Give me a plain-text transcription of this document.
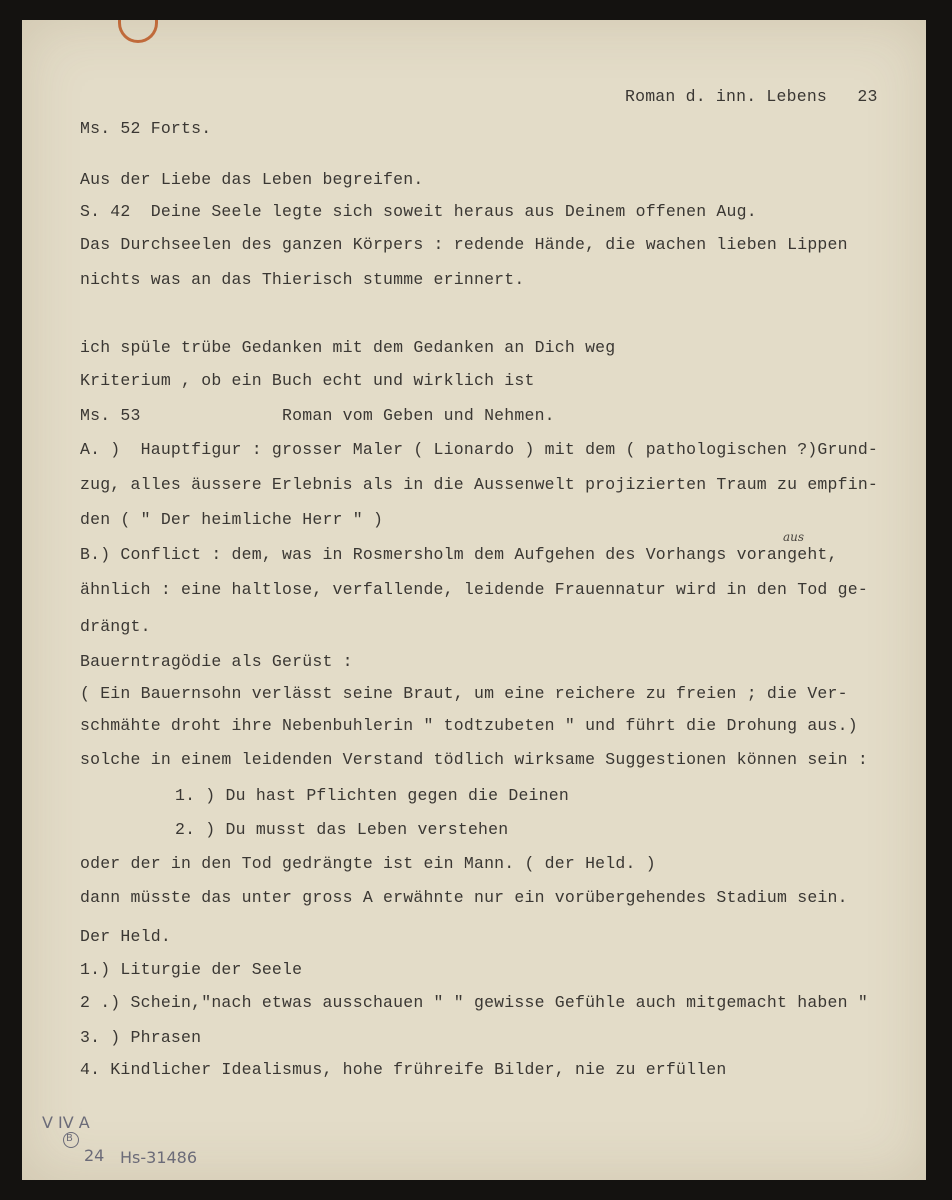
Roman d. inn. Lebens   23
Ms. 52 Forts.
Aus der Liebe das Leben begreifen.
S. 42  Deine Seele legte sich soweit heraus aus Deinem offenen Aug.
Das Durchseelen des ganzen Körpers : redende Hände, die wachen lieben Lippen
nichts was an das Thierisch stumme erinnert.
ich spüle trübe Gedanken mit dem Gedanken an Dich weg
Kriterium , ob ein Buch echt und wirklich ist
Ms. 53              Roman vom Geben und Nehmen.
A. )  Hauptfigur : grosser Maler ( Lionardo ) mit dem ( pathologischen ?)Grund-
zug, alles äussere Erlebnis als in die Aussenwelt projizierten Traum zu empfin-
den ( " Der heimliche Herr " )
aus
B.) Conflict : dem, was in Rosmersholm dem Aufgehen des Vorhangs vorangeht,
ähnlich : eine haltlose, verfallende, leidende Frauennatur wird in den Tod ge-
drängt.
Bauerntragödie als Gerüst :
( Ein Bauernsohn verlässt seine Braut, um eine reichere zu freien ; die Ver-
schmähte droht ihre Nebenbuhlerin " todtzubeten " und führt die Drohung aus.)
solche in einem leidenden Verstand tödlich wirksame Suggestionen können sein :
1. ) Du hast Pflichten gegen die Deinen
2. ) Du musst das Leben verstehen
oder der in den Tod gedrängte ist ein Mann. ( der Held. )
dann müsste das unter gross A erwähnte nur ein vorübergehendes Stadium sein.
Der Held.
1.) Liturgie der Seele
2 .) Schein,"nach etwas ausschauen " " gewisse Gefühle auch mitgemacht haben "
3. ) Phrasen
4. Kindlicher Idealismus, hohe frühreife Bilder, nie zu erfüllen
V IV A
B
24 Hs-31486
